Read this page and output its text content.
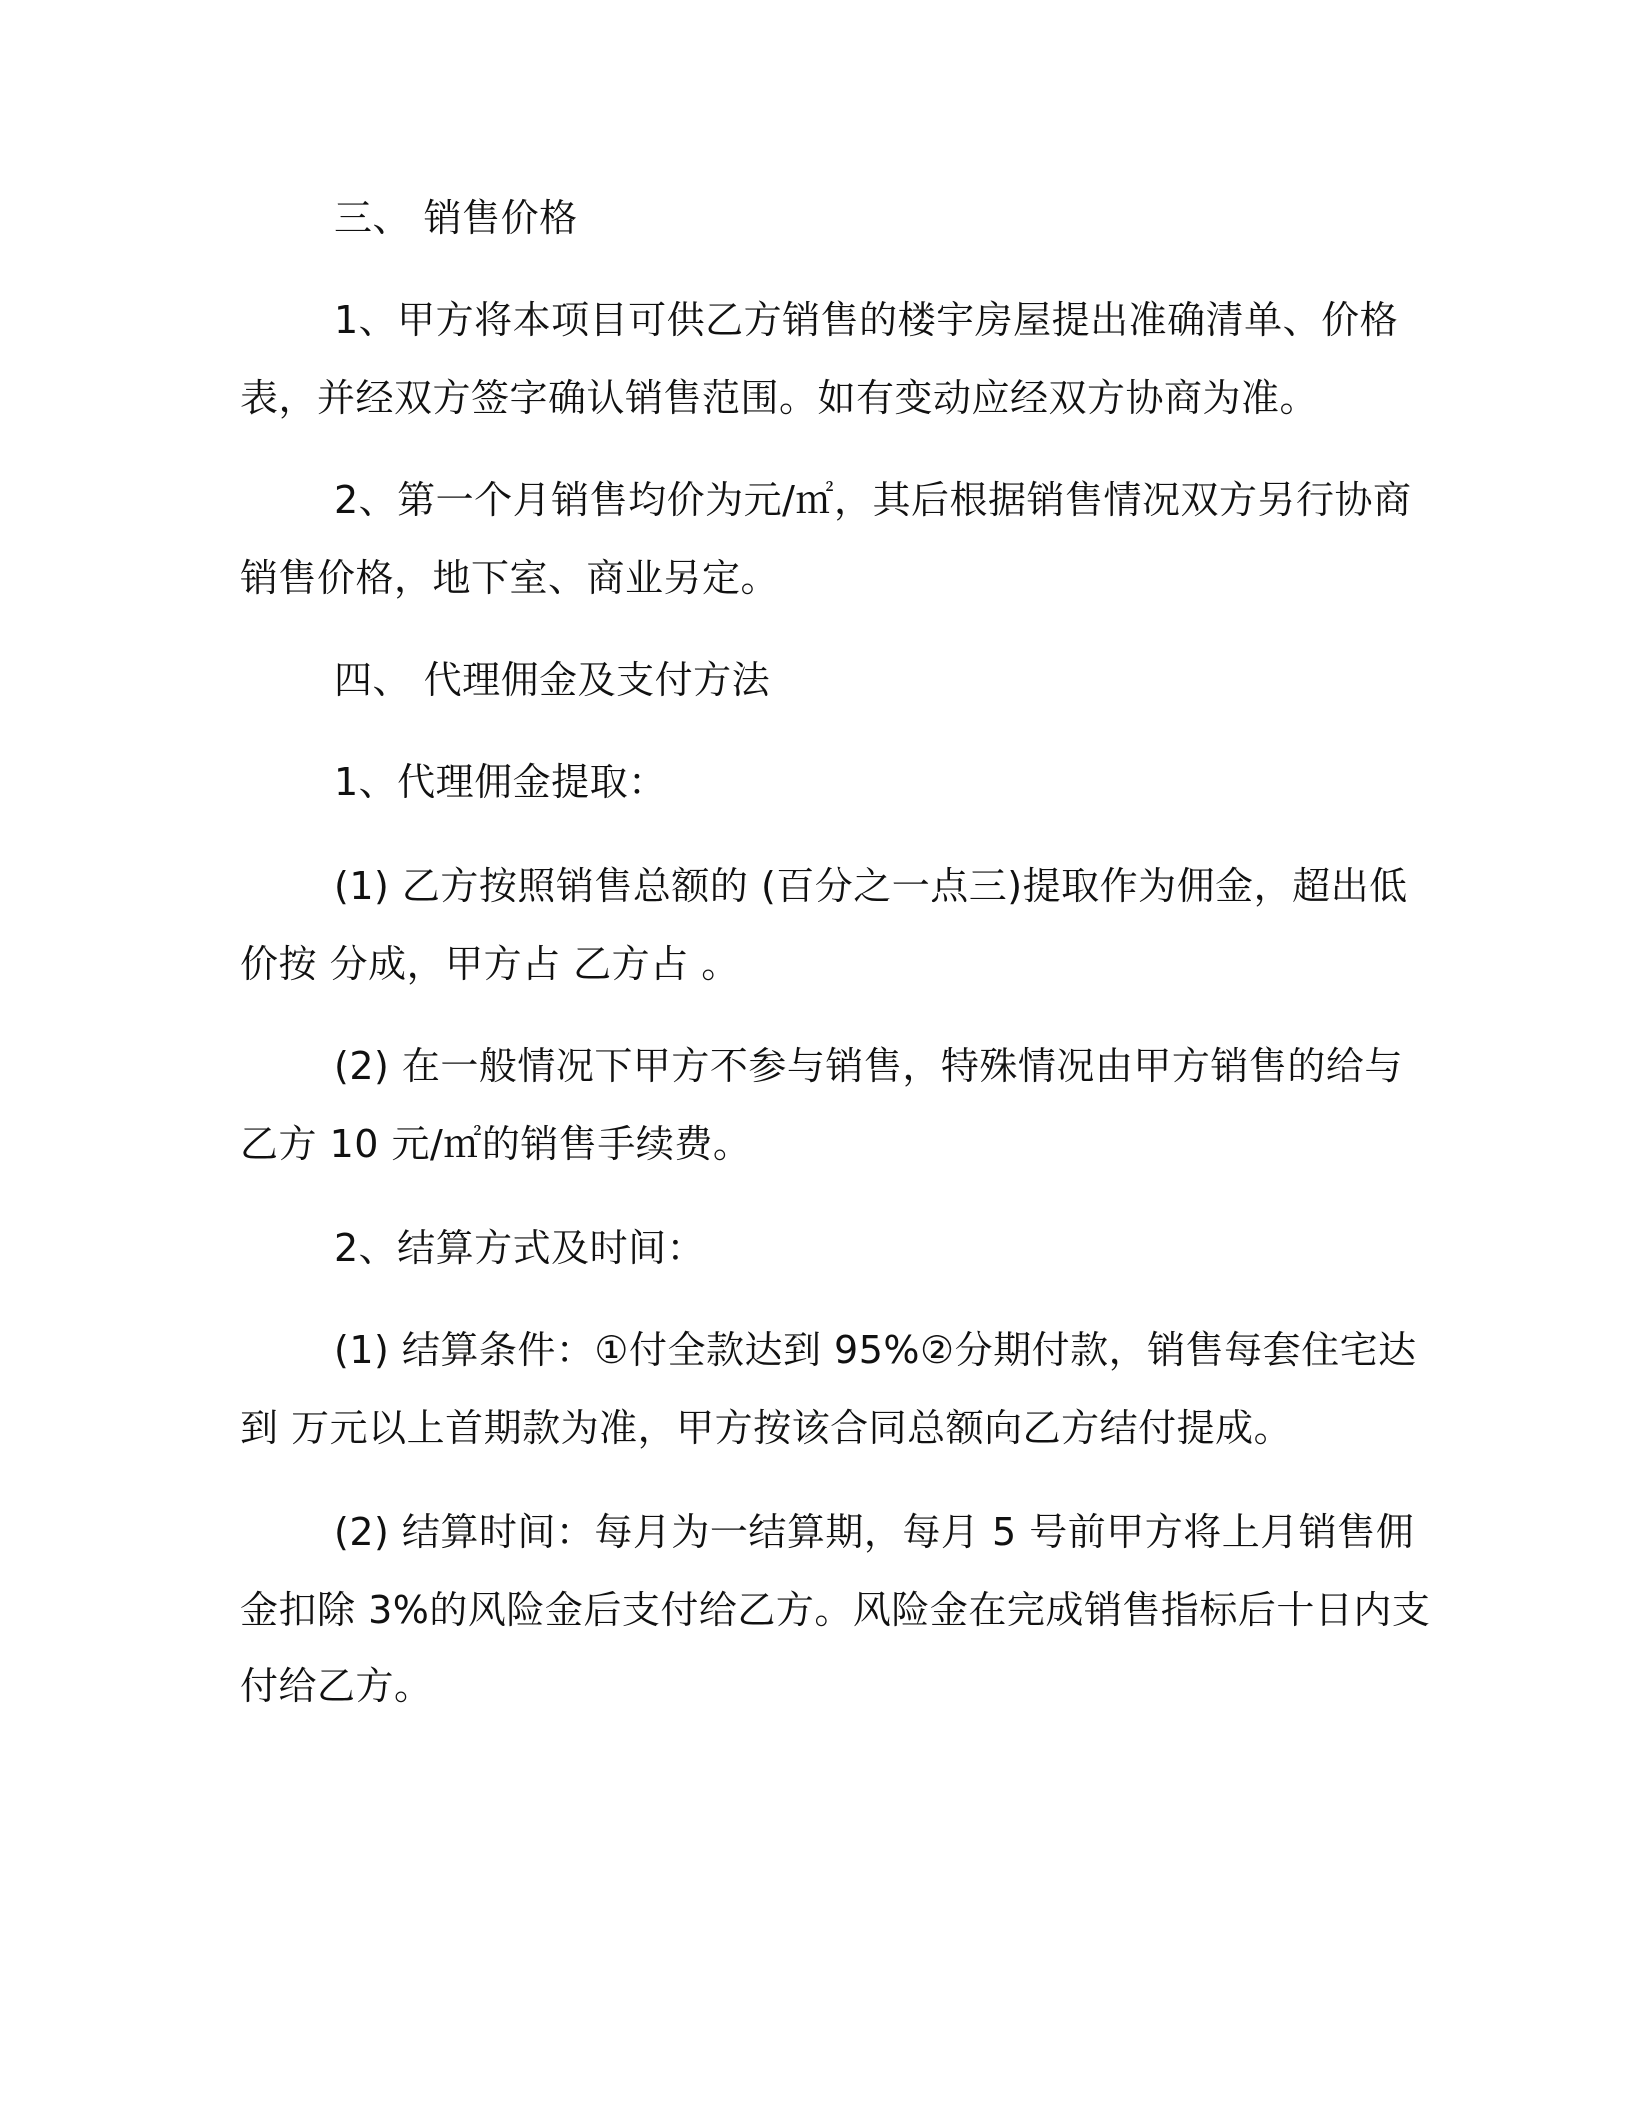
三、 销售价格

1、甲方将本项目可供乙方销售的楼宇房屋提出准确清单、价格

表，并经双方签字确认销售范围。如有变动应经双方协商为准。

2、第一个月销售均价为元/㎡，其后根据销售情况双方另行协商

销售价格，地下室、商业另定。

四、 代理佣金及支付方法

1、代理佣金提取：

(1) 乙方按照销售总额的 (百分之一点三)提取作为佣金，超出低

价按 分成，甲方占 乙方占 。

(2) 在一般情况下甲方不参与销售，特殊情况由甲方销售的给与

乙方 10 元/㎡的销售手续费。

2、结算方式及时间：

(1) 结算条件：①付全款达到 95%②分期付款，销售每套住宅达

到 万元以上首期款为准，甲方按该合同总额向乙方结付提成。

(2) 结算时间：每月为一结算期，每月 5 号前甲方将上月销售佣

金扣除 3%的风险金后支付给乙方。风险金在完成销售指标后十日内支

付给乙方。
